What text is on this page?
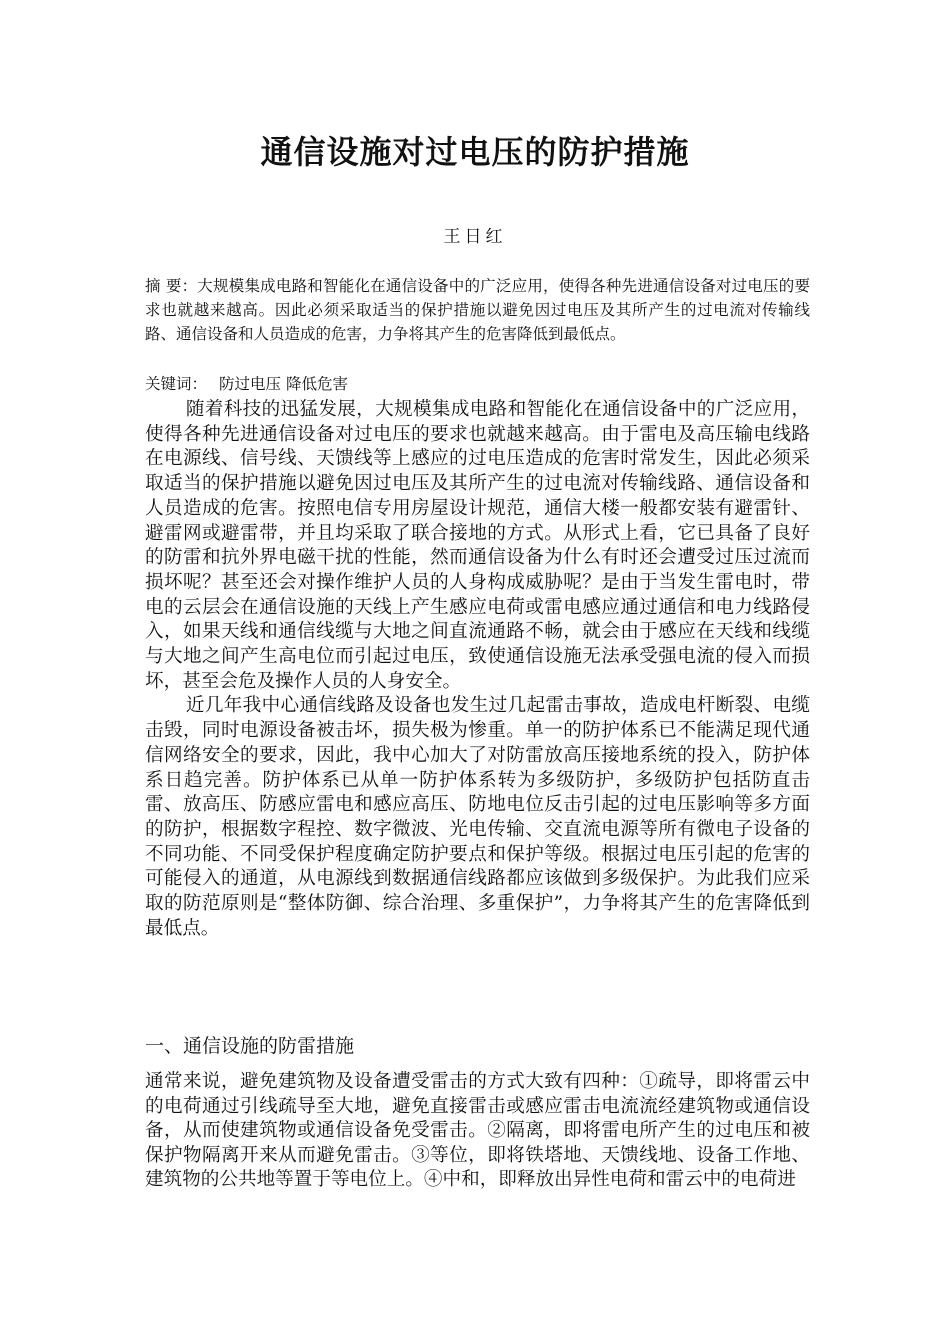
通信设施对过电压的防护措施
王日红

摘 要：大规模集成电路和智能化在通信设备中的广泛应用，使得各种先进通信设备对过电压的要求也就越来越高。因此必须采取适当的保护措施以避免因过电压及其所产生的过电流对传输线路、通信设备和人员造成的危害，力争将其产生的危害降低到最低点。

关键词： 防过电压 降低危害

随着科技的迅猛发展，大规模集成电路和智能化在通信设备中的广泛应用，使得各种先进通信设备对过电压的要求也就越来越高。由于雷电及高压输电线路在电源线、信号线、天馈线等上感应的过电压造成的危害时常发生，因此必须采取适当的保护措施以避免因过电压及其所产生的过电流对传输线路、通信设备和人员造成的危害。按照电信专用房屋设计规范，通信大楼一般都安装有避雷针、避雷网或避雷带，并且均采取了联合接地的方式。从形式上看，它已具备了良好的防雷和抗外界电磁干扰的性能，然而通信设备为什么有时还会遭受过压过流而损坏呢？甚至还会对操作维护人员的人身构成威胁呢？是由于当发生雷电时，带电的云层会在通信设施的天线上产生感应电荷或雷电感应通过通信和电力线路侵入，如果天线和通信线缆与大地之间直流通路不畅，就会由于感应在天线和线缆与大地之间产生高电位而引起过电压，致使通信设施无法承受强电流的侵入而损坏，甚至会危及操作人员的人身安全。

近几年我中心通信线路及设备也发生过几起雷击事故，造成电杆断裂、电缆击毁，同时电源设备被击坏，损失极为惨重。单一的防护体系已不能满足现代通信网络安全的要求，因此，我中心加大了对防雷放高压接地系统的投入，防护体系日趋完善。防护体系已从单一防护体系转为多级防护，多级防护包括防直击雷、放高压、防感应雷电和感应高压、防地电位反击引起的过电压影响等多方面的防护，根据数字程控、数字微波、光电传输、交直流电源等所有微电子设备的不同功能、不同受保护程度确定防护要点和保护等级。根据过电压引起的危害的可能侵入的通道，从电源线到数据通信线路都应该做到多级保护。为此我们应采取的防范原则是“整体防御、综合治理、多重保护”，力争将其产生的危害降低到最低点。

一、通信设施的防雷措施

通常来说，避免建筑物及设备遭受雷击的方式大致有四种：①疏导，即将雷云中的电荷通过引线疏导至大地，避免直接雷击或感应雷击电流流经建筑物或通信设备，从而使建筑物或通信设备免受雷击。②隔离，即将雷电所产生的过电压和被保护物隔离开来从而避免雷击。③等位，即将铁塔地、天馈线地、设备工作地、建筑物的公共地等置于等电位上。④中和，即释放出异性电荷和雷云中的电荷进
